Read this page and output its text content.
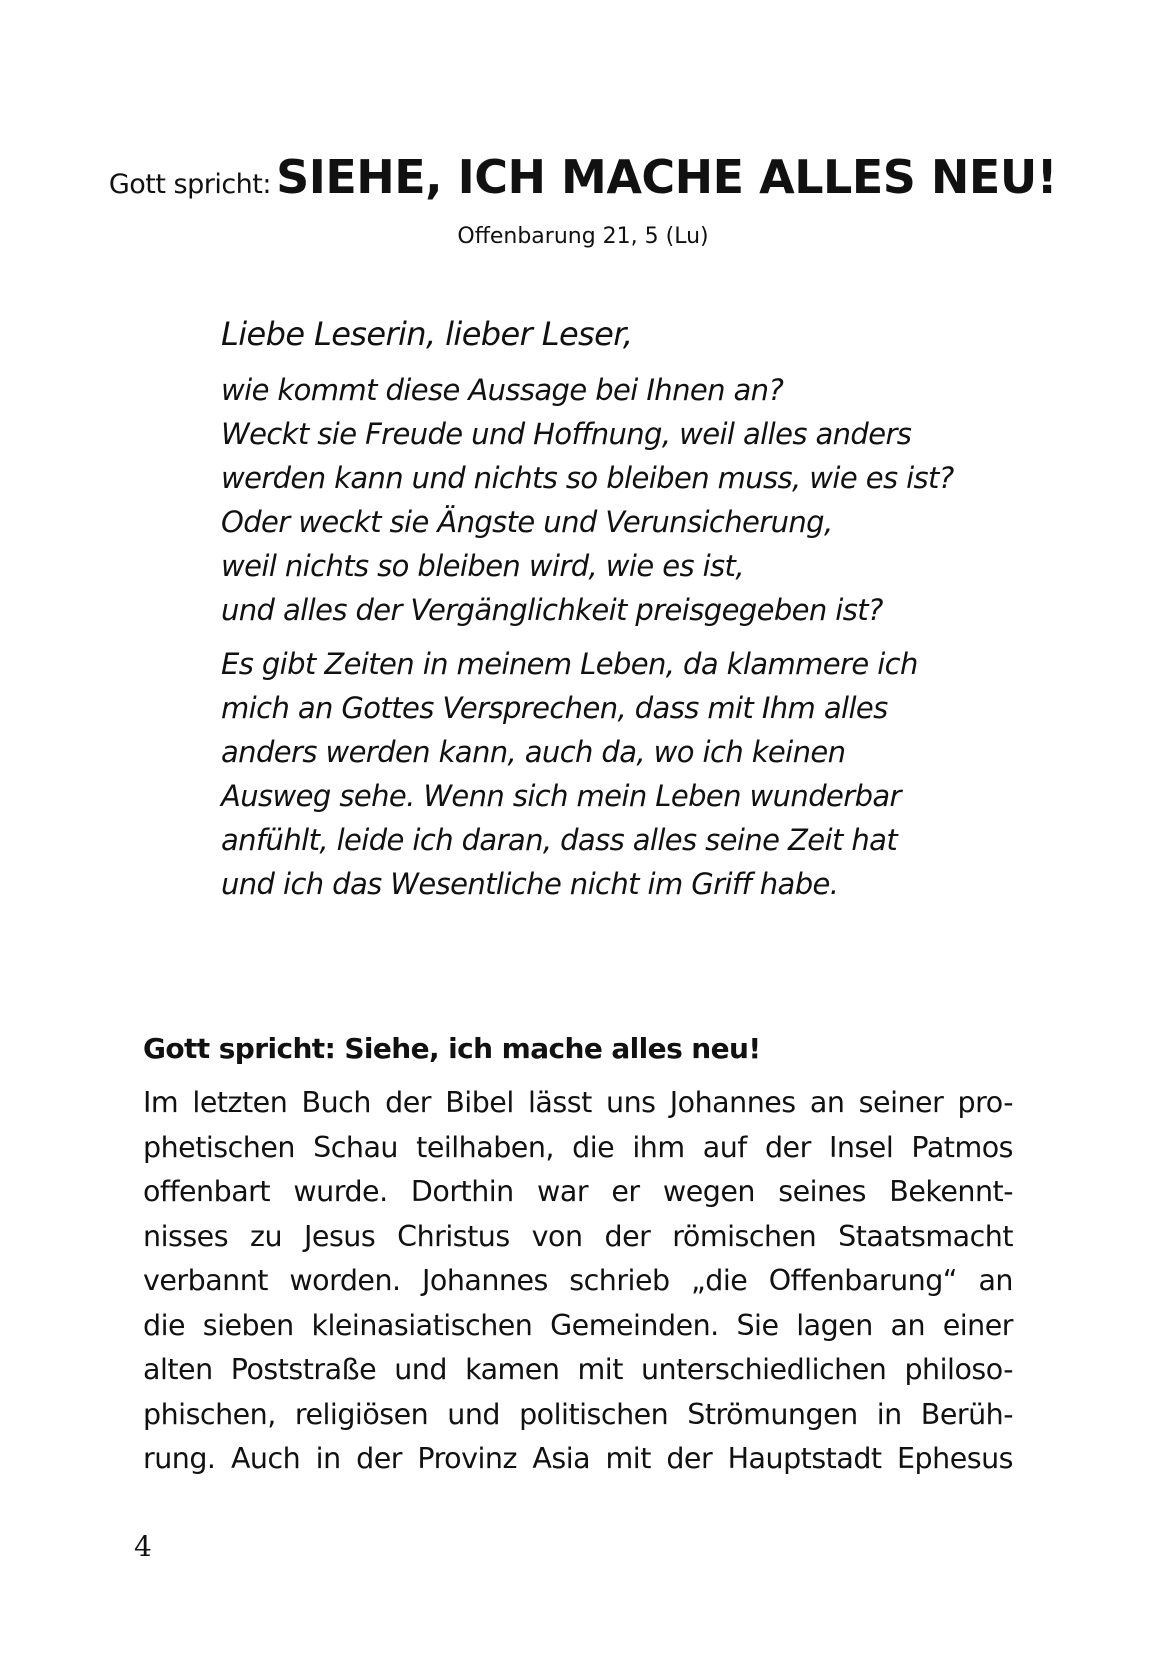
Gott spricht: SIEHE, ICH MACHE ALLES NEU!
Offenbarung 21, 5 (Lu)

Liebe Leserin, lieber Leser,

wie kommt diese Aussage bei Ihnen an?
Weckt sie Freude und Hoffnung, weil alles anders
werden kann und nichts so bleiben muss, wie es ist?
Oder weckt sie Ängste und Verunsicherung,
weil nichts so bleiben wird, wie es ist,
und alles der Vergänglichkeit preisgegeben ist?

Es gibt Zeiten in meinem Leben, da klammere ich
mich an Gottes Versprechen, dass mit Ihm alles
anders werden kann, auch da, wo ich keinen
Ausweg sehe. Wenn sich mein Leben wunderbar
anfühlt, leide ich daran, dass alles seine Zeit hat
und ich das Wesentliche nicht im Griff habe.

Gott spricht: Siehe, ich mache alles neu!
Im letzten Buch der Bibel lässt uns Johannes an seiner pro-
phetischen Schau teilhaben, die ihm auf der Insel Patmos
offenbart wurde. Dorthin war er wegen seines Bekennt-
nisses zu Jesus Christus von der römischen Staatsmacht
verbannt worden. Johannes schrieb „die Offenbarung“ an
die sieben kleinasiatischen Gemeinden. Sie lagen an einer
alten Poststraße und kamen mit unterschiedlichen philoso-
phischen, religiösen und politischen Strömungen in Berüh-
rung. Auch in der Provinz Asia mit der Hauptstadt Ephesus
4
